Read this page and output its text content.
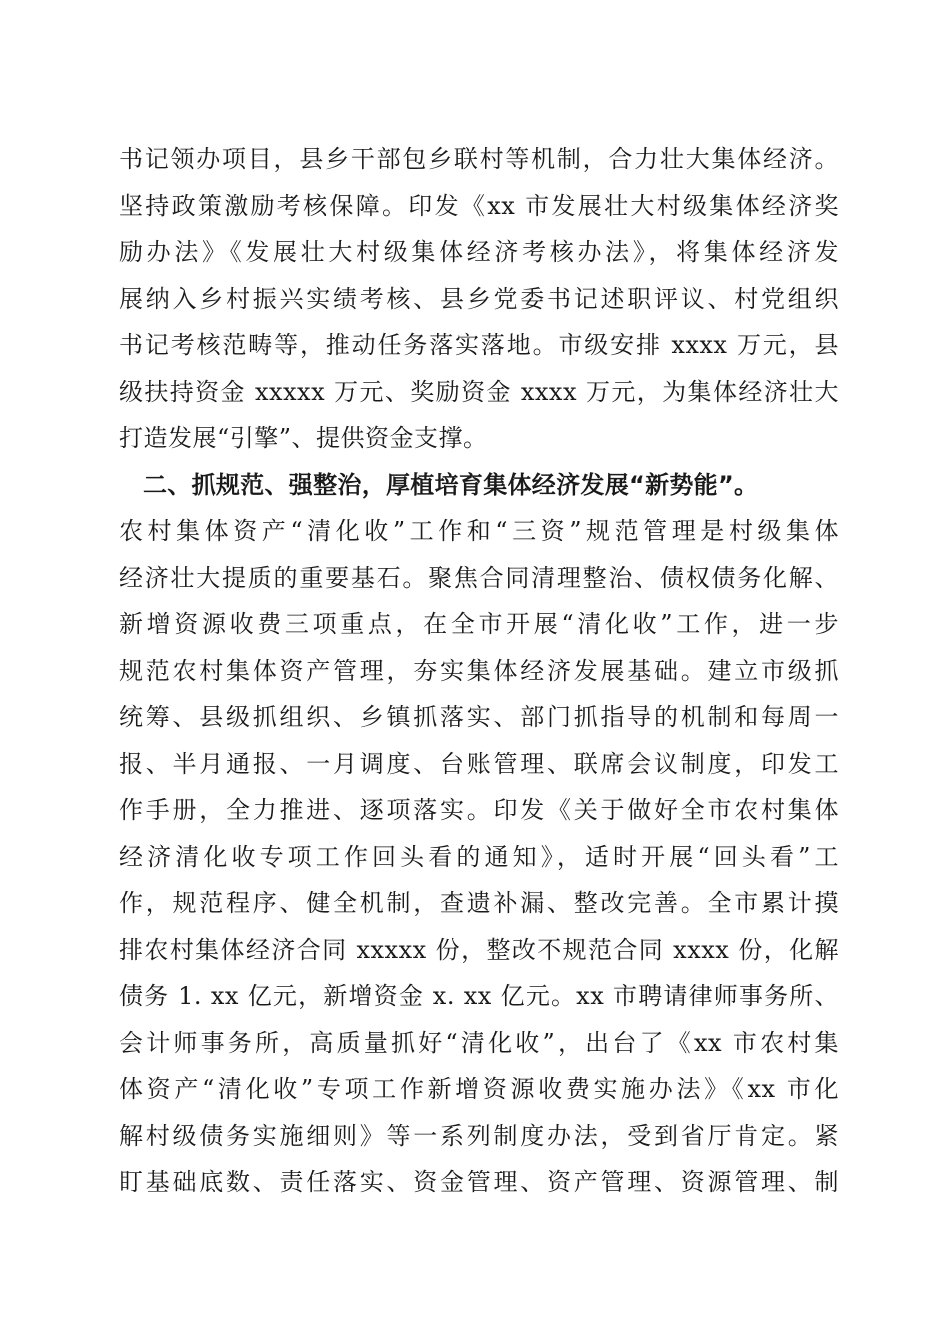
书记领办项目，县乡干部包乡联村等机制，合力壮大集体经济。
坚持政策激励考核保障。印发《xx 市发展壮大村级集体经济奖
励办法》《发展壮大村级集体经济考核办法》，将集体经济发
展纳入乡村振兴实绩考核、县乡党委书记述职评议、村党组织
书记考核范畴等，推动任务落实落地。市级安排 xxxx 万元，县
级扶持资金 xxxxx 万元、奖励资金 xxxx 万元，为集体经济壮大
打造发展“引擎”、提供资金支撑。
二、抓规范、强整治，厚植培育集体经济发展“新势能”。
农村集体资产“清化收”工作和“三资”规范管理是村级集体
经济壮大提质的重要基石。聚焦合同清理整治、债权债务化解、
新增资源收费三项重点，在全市开展“清化收”工作，进一步
规范农村集体资产管理，夯实集体经济发展基础。建立市级抓
统筹、县级抓组织、乡镇抓落实、部门抓指导的机制和每周一
报、半月通报、一月调度、台账管理、联席会议制度，印发工
作手册，全力推进、逐项落实。印发《关于做好全市农村集体
经济清化收专项工作回头看的通知》，适时开展“回头看”工
作，规范程序、健全机制，查遗补漏、整改完善。全市累计摸
排农村集体经济合同 xxxxx 份，整改不规范合同 xxxx 份，化解
债务 1. xx 亿元，新增资金 x. xx 亿元。xx 市聘请律师事务所、
会计师事务所，高质量抓好“清化收”，出台了《xx 市农村集
体资产“清化收”专项工作新增资源收费实施办法》《xx 市化
解村级债务实施细则》等一系列制度办法，受到省厅肯定。紧
盯基础底数、责任落实、资金管理、资产管理、资源管理、制
